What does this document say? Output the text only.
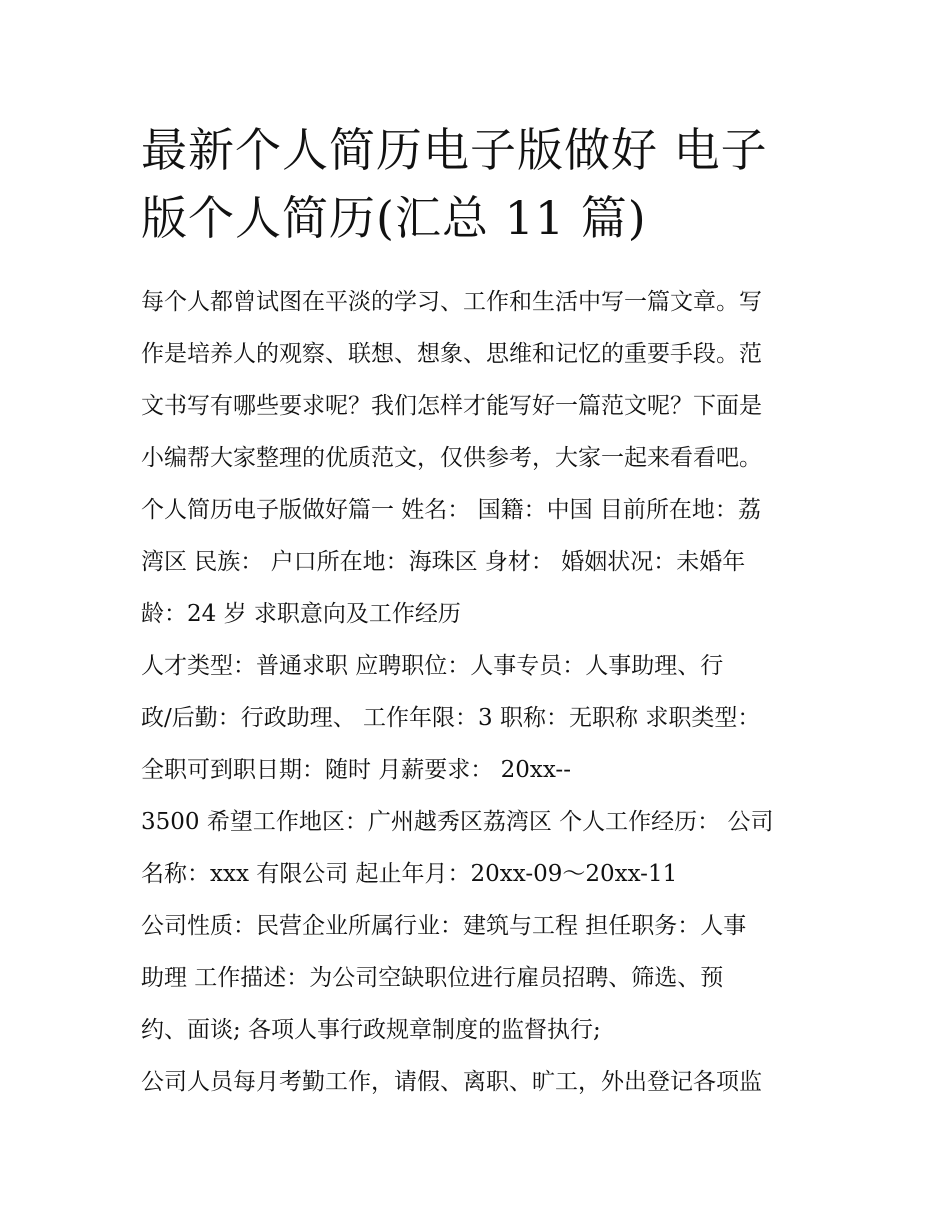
最新个人简历电子版做好 电子
版个人简历(汇总 11 篇)
每个人都曾试图在平淡的学习、工作和生活中写一篇文章。写
作是培养人的观察、联想、想象、思维和记忆的重要手段。范
文书写有哪些要求呢？我们怎样才能写好一篇范文呢？下面是
小编帮大家整理的优质范文，仅供参考，大家一起来看看吧。
个人简历电子版做好篇一 姓名： 国籍：中国 目前所在地：荔
湾区 民族： 户口所在地：海珠区 身材： 婚姻状况：未婚年
龄：24 岁 求职意向及工作经历
人才类型：普通求职 应聘职位：人事专员：人事助理、行
政/后勤：行政助理、 工作年限：3 职称：无职称 求职类型：
全职可到职日期：随时 月薪要求： 20xx--
3500 希望工作地区：广州越秀区荔湾区 个人工作经历： 公司
名称：xxx 有限公司 起止年月：20xx-09～20xx-11
公司性质：民营企业所属行业：建筑与工程 担任职务：人事
助理 工作描述：为公司空缺职位进行雇员招聘、筛选、预
约、面谈; 各项人事行政规章制度的监督执行;
公司人员每月考勤工作，请假、离职、旷工，外出登记各项监
